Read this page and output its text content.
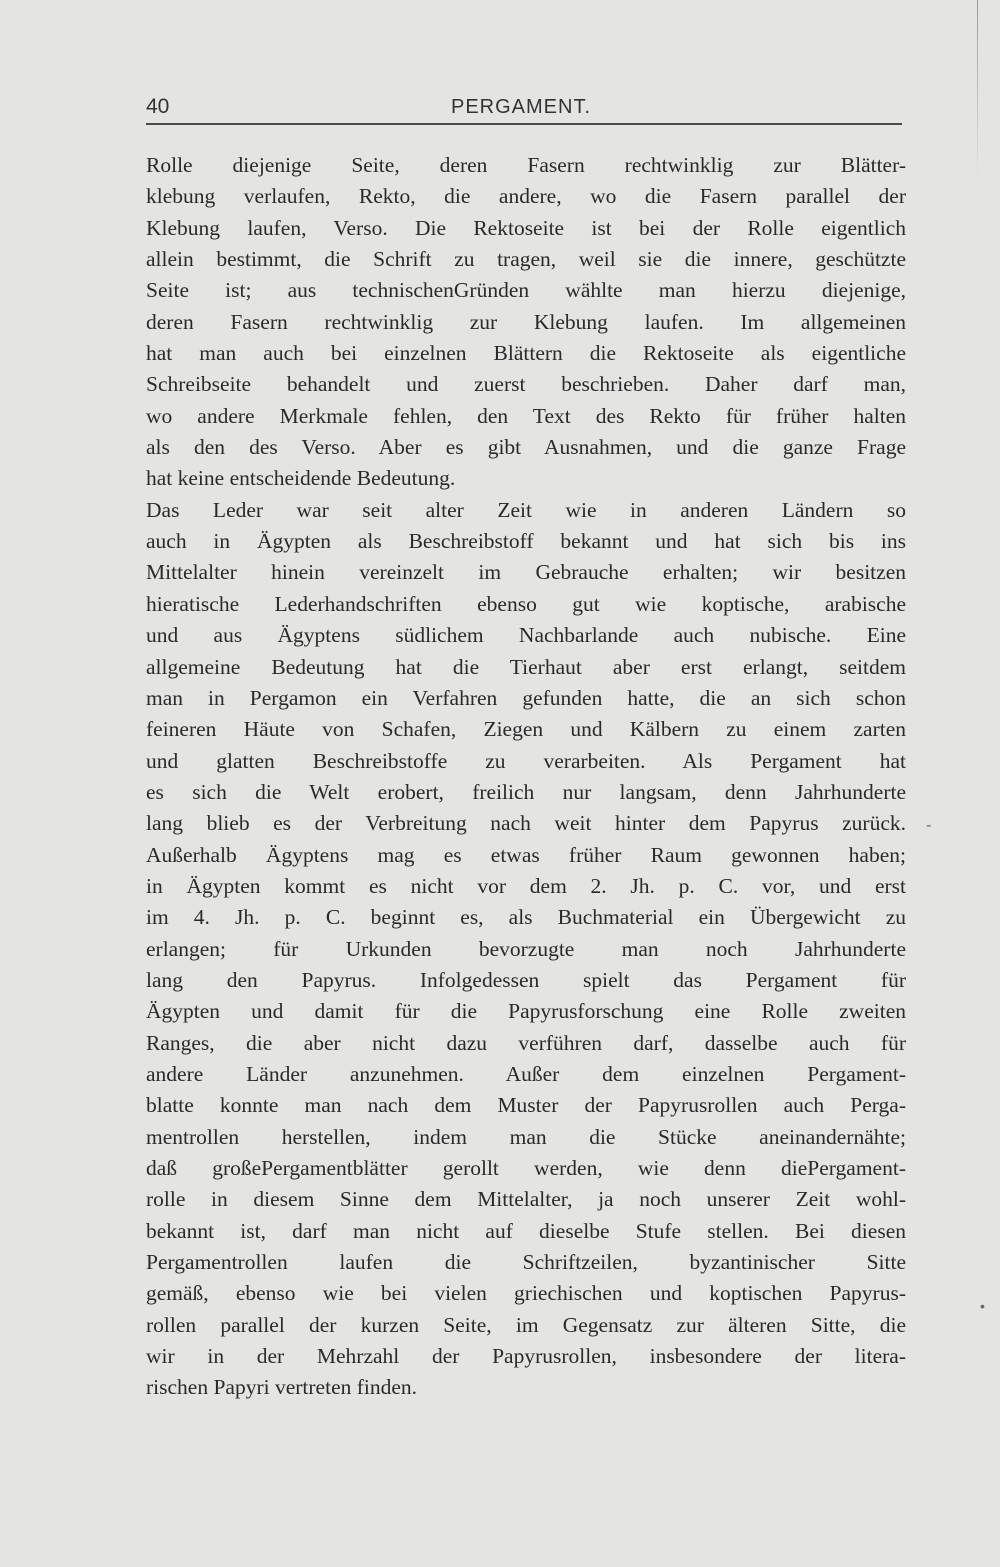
40	PERGAMENT.
Rolle diejenige Seite, deren Fasern rechtwinklig zur Blätter-
klebung verlaufen, Rekto, die andere, wo die Fasern parallel der
Klebung laufen, Verso. Die Rektoseite ist bei der Rolle eigentlich
allein bestimmt, die Schrift zu tragen, weil sie die innere, geschützte
Seite ist; aus technischenGründen wählte man hierzu diejenige,
deren Fasern rechtwinklig zur Klebung laufen. Im allgemeinen
hat man auch bei einzelnen Blättern die Rektoseite als eigentliche
Schreibseite behandelt und zuerst beschrieben. Daher darf man,
wo andere Merkmale fehlen, den Text des Rekto für früher halten
als den des Verso. Aber es gibt Ausnahmen, und die ganze Frage
hat keine entscheidende Bedeutung.
Das Leder war seit alter Zeit wie in anderen Ländern so
auch in Ägypten als Beschreibstoff bekannt und hat sich bis ins
Mittelalter hinein vereinzelt im Gebrauche erhalten; wir besitzen
hieratische Lederhandschriften ebenso gut wie koptische, arabische
und aus Ägyptens südlichem Nachbarlande auch nubische. Eine
allgemeine Bedeutung hat die Tierhaut aber erst erlangt, seitdem
man in Pergamon ein Verfahren gefunden hatte, die an sich schon
feineren Häute von Schafen, Ziegen und Kälbern zu einem zarten
und glatten Beschreibstoffe zu verarbeiten. Als Pergament hat
es sich die Welt erobert, freilich nur langsam, denn Jahrhunderte
lang blieb es der Verbreitung nach weit hinter dem Papyrus zurück.
Außerhalb Ägyptens mag es etwas früher Raum gewonnen haben;
in Ägypten kommt es nicht vor dem 2. Jh. p. C. vor, und erst
im 4. Jh. p. C. beginnt es, als Buchmaterial ein Übergewicht zu
erlangen; für Urkunden bevorzugte man noch Jahrhunderte
lang den Papyrus. Infolgedessen spielt das Pergament für
Ägypten und damit für die Papyrusforschung eine Rolle zweiten
Ranges, die aber nicht dazu verführen darf, dasselbe auch für
andere Länder anzunehmen. Außer dem einzelnen Pergament-
blatte konnte man nach dem Muster der Papyrusrollen auch Perga-
mentrollen herstellen, indem man die Stücke aneinandernähte;
daß großePergamentblätter gerollt werden, wie denn diePergament-
rolle in diesem Sinne dem Mittelalter, ja noch unserer Zeit wohl-
bekannt ist, darf man nicht auf dieselbe Stufe stellen. Bei diesen
Pergamentrollen laufen die Schriftzeilen, byzantinischer Sitte
gemäß, ebenso wie bei vielen griechischen und koptischen Papyrus-
rollen parallel der kurzen Seite, im Gegensatz zur älteren Sitte, die
wir in der Mehrzahl der Papyrusrollen, insbesondere der litera-
rischen Papyri vertreten finden.
-
•
